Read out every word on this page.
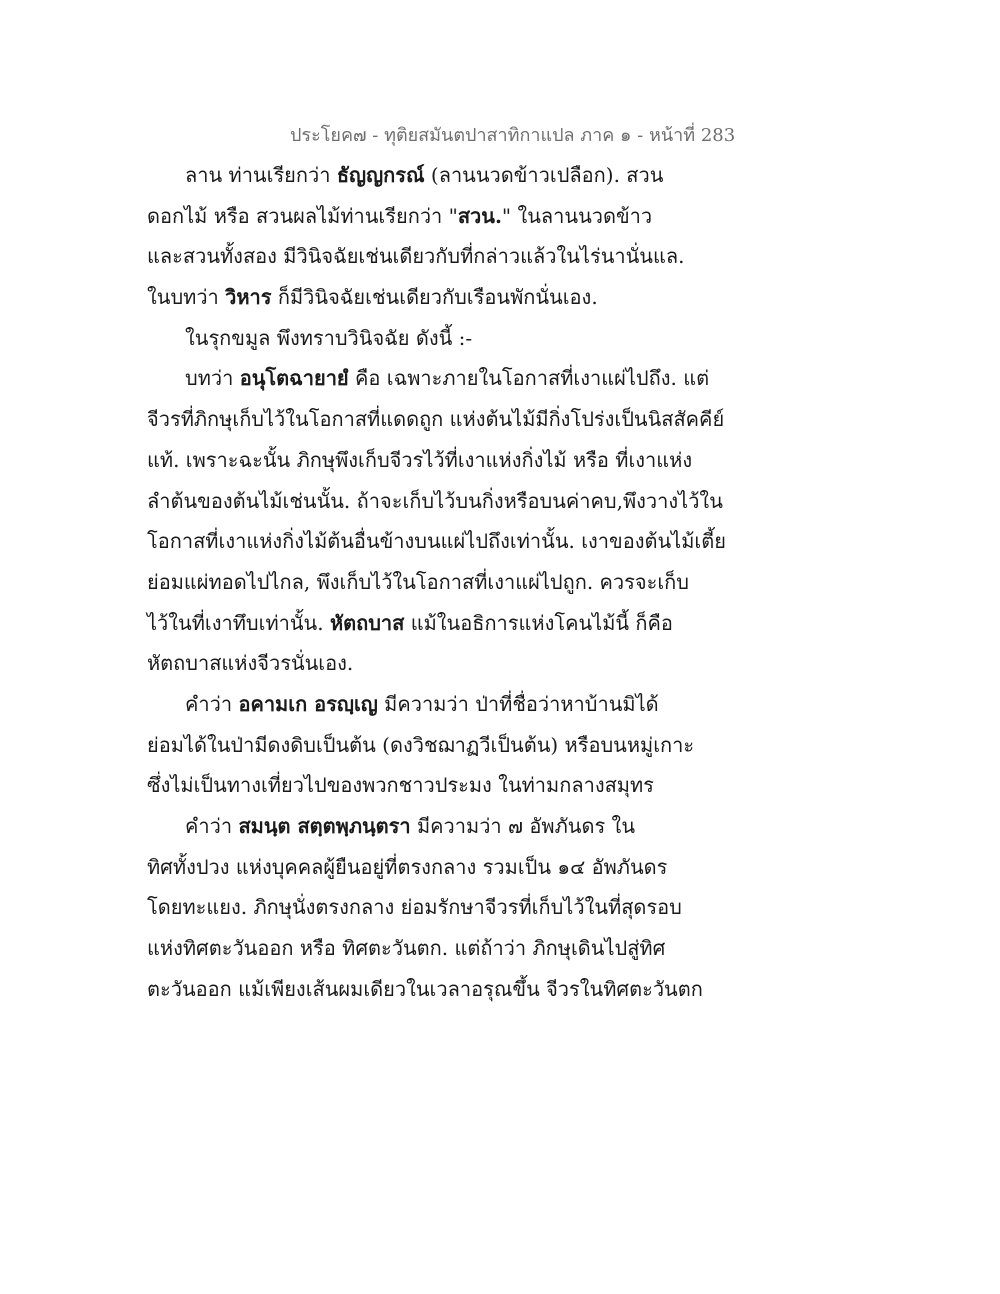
ประโยค๗ - ทุติยสมันตปาสาทิกาแปล ภาค ๑ - หน้าที่ 283
ลาน ท่านเรียกว่า ธัญญกรณ์ (ลานนวดข้าวเปลือก). สวน
ดอกไม้ หรือ สวนผลไม้ท่านเรียกว่า "สวน." ในลานนวดข้าว
และสวนทั้งสอง มีวินิจฉัยเช่นเดียวกับที่กล่าวแล้วในไร่นานั่นแล.
ในบทว่า วิหาร ก็มีวินิจฉัยเช่นเดียวกับเรือนพักนั่นเอง.
ในรุกขมูล พึงทราบวินิจฉัย ดังนี้ :-
บทว่า อนุโตฉายายํ คือ เฉพาะภายในโอกาสที่เงาแผ่ไปถึง. แต่
จีวรที่ภิกษุเก็บไว้ในโอกาสที่แดดถูก แห่งต้นไม้มีกิ่งโปร่งเป็นนิสสัคคีย์
แท้. เพราะฉะนั้น ภิกษุพึงเก็บจีวรไว้ที่เงาแห่งกิ่งไม้ หรือ ที่เงาแห่ง
ลำต้นของต้นไม้เช่นนั้น. ถ้าจะเก็บไว้บนกิ่งหรือบนค่าคบ,พึงวางไว้ใน
โอกาสที่เงาแห่งกิ่งไม้ต้นอื่นข้างบนแผ่ไปถึงเท่านั้น. เงาของต้นไม้เตี้ย
ย่อมแผ่ทอดไปไกล, พึงเก็บไว้ในโอกาสที่เงาแผ่ไปถูก. ควรจะเก็บ
ไว้ในที่เงาทึบเท่านั้น. หัตถบาส แม้ในอธิการแห่งโคนไม้นี้ ก็คือ
หัตถบาสแห่งจีวรนั่นเอง.
คำว่า อคามเก อรญฺเญ มีความว่า ป่าที่ชื่อว่าหาบ้านมิได้
ย่อมได้ในป่ามีดงดิบเป็นต้น (ดงวิชฌาฏวีเป็นต้น) หรือบนหมู่เกาะ
ซึ่งไม่เป็นทางเที่ยวไปของพวกชาวประมง ในท่ามกลางสมุทร
คำว่า สมนฺต สตฺตพฺภนฺตรา มีความว่า ๗ อัพภันดร ใน
ทิศทั้งปวง แห่งบุคคลผู้ยืนอยู่ที่ตรงกลาง รวมเป็น ๑๔ อัพภันดร
โดยทะแยง. ภิกษุนั่งตรงกลาง ย่อมรักษาจีวรที่เก็บไว้ในที่สุดรอบ
แห่งทิศตะวันออก หรือ ทิศตะวันตก. แต่ถ้าว่า ภิกษุเดินไปสู่ทิศ
ตะวันออก แม้เพียงเส้นผมเดียวในเวลาอรุณขึ้น จีวรในทิศตะวันตก
